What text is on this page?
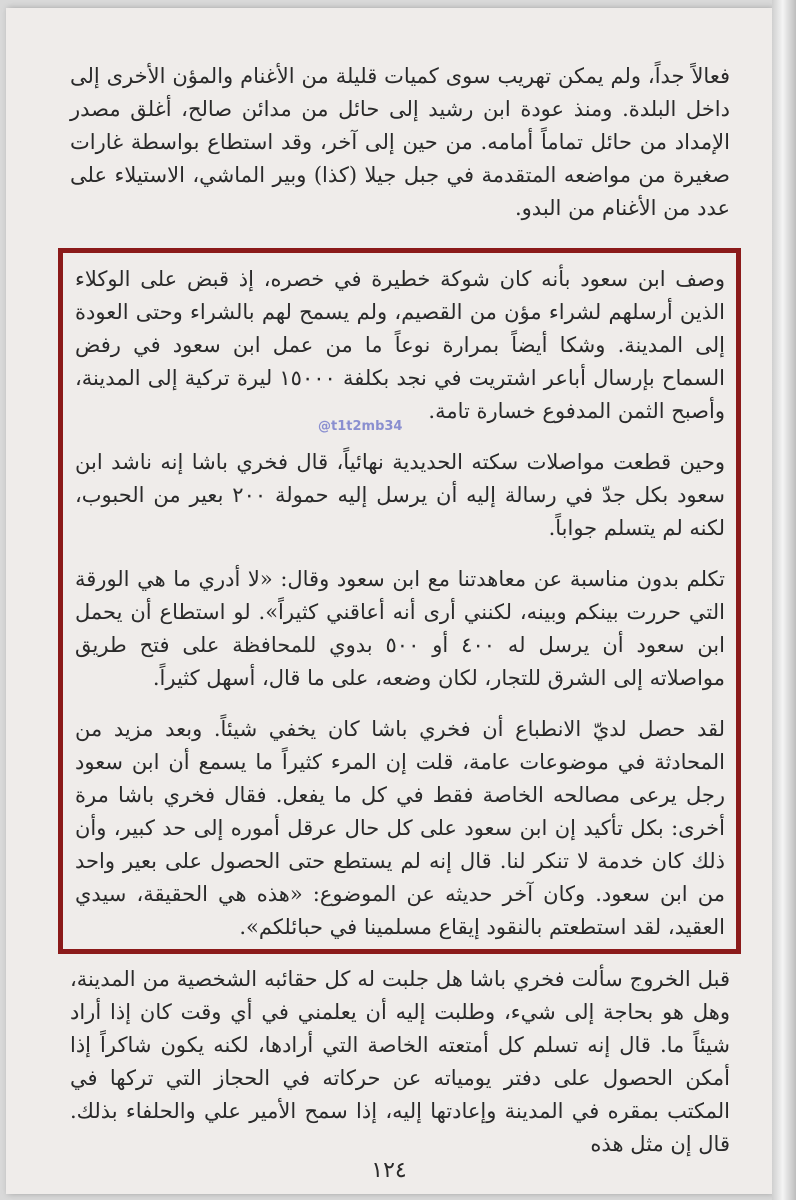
فعالاً جداً، ولم يمكن تهريب سوى كميات قليلة من الأغنام والمؤن الأخرى إلى داخل البلدة. ومنذ عودة ابن رشيد إلى حائل من مدائن صالح، أغلق مصدر الإمداد من حائل تماماً أمامه. من حين إلى آخر، وقد استطاع بواسطة غارات صغيرة من مواضعه المتقدمة في جبل جيلا (كذا) وبير الماشي، الاستيلاء على عدد من الأغنام من البدو.

وصف ابن سعود بأنه كان شوكة خطيرة في خصره، إذ قبض على الوكلاء الذين أرسلهم لشراء مؤن من القصيم، ولم يسمح لهم بالشراء وحتى العودة إلى المدينة. وشكا أيضاً بمرارة نوعاً ما من عمل ابن سعود في رفض السماح بإرسال أباعر اشتريت في نجد بكلفة ١٥٠٠٠ ليرة تركية إلى المدينة، وأصبح الثمن المدفوع خسارة تامة.

وحين قطعت مواصلات سكته الحديدية نهائياً، قال فخري باشا إنه ناشد ابن سعود بكل جدّ في رسالة إليه أن يرسل إليه حمولة ٢٠٠ بعير من الحبوب، لكنه لم يتسلم جواباً.

تكلم بدون مناسبة عن معاهدتنا مع ابن سعود وقال: «لا أدري ما هي الورقة التي حررت بينكم وبينه، لكنني أرى أنه أعاقني كثيراً». لو استطاع أن يحمل ابن سعود أن يرسل له ٤٠٠ أو ٥٠٠ بدوي للمحافظة على فتح طريق مواصلاته إلى الشرق للتجار، لكان وضعه، على ما قال، أسهل كثيراً.

لقد حصل لديّ الانطباع أن فخري باشا كان يخفي شيئاً. وبعد مزيد من المحادثة في موضوعات عامة، قلت إن المرء كثيراً ما يسمع أن ابن سعود رجل يرعى مصالحه الخاصة فقط في كل ما يفعل. فقال فخري باشا مرة أخرى: بكل تأكيد إن ابن سعود على كل حال عرقل أموره إلى حد كبير، وأن ذلك كان خدمة لا تنكر لنا. قال إنه لم يستطع حتى الحصول على بعير واحد من ابن سعود. وكان آخر حديثه عن الموضوع: «هذه هي الحقيقة، سيدي العقيد، لقد استطعتم بالنقود إيقاع مسلمينا في حبائلكم».

@t1t2mb34
قبل الخروج سألت فخري باشا هل جلبت له كل حقائبه الشخصية من المدينة، وهل هو بحاجة إلى شيء، وطلبت إليه أن يعلمني في أي وقت كان إذا أراد شيئاً ما. قال إنه تسلم كل أمتعته الخاصة التي أرادها، لكنه يكون شاكراً إذا أمكن الحصول على دفتر يومياته عن حركاته في الحجاز التي تركها في المكتب بمقره في المدينة وإعادتها إليه، إذا سمح الأمير علي والحلفاء بذلك. قال إن مثل هذه
١٢٤
